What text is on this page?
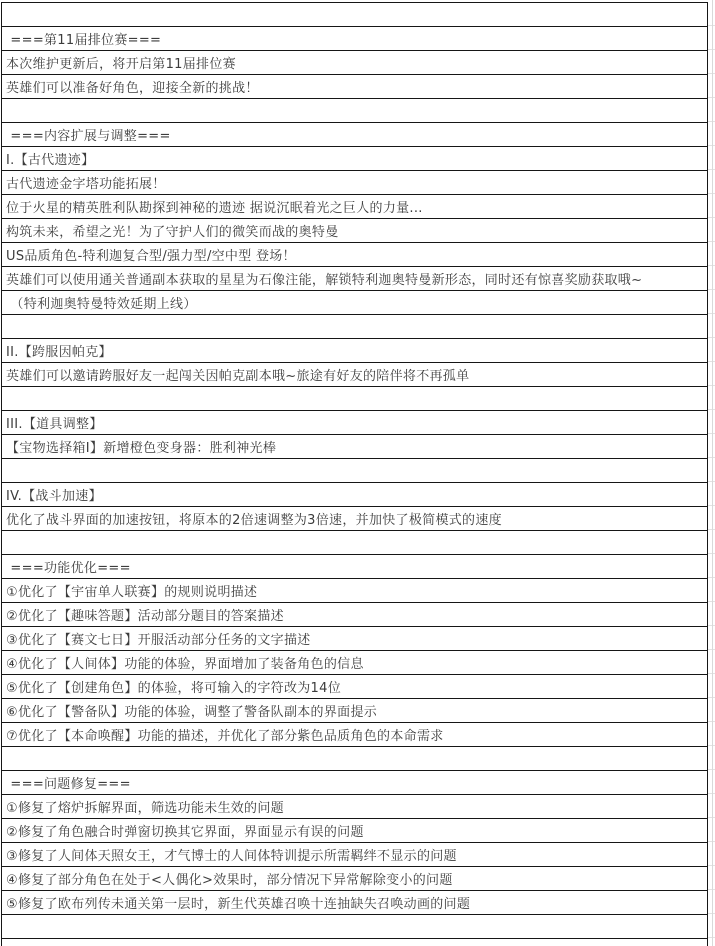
===第11届排位赛===
本次维护更新后，将开启第11届排位赛
英雄们可以准备好角色，迎接全新的挑战！
===内容扩展与调整===
I.【古代遗迹】
古代遗迹金字塔功能拓展！
位于火星的精英胜利队勘探到神秘的遗迹 据说沉眠着光之巨人的力量...
构筑未来，希望之光！为了守护人们的微笑而战的奥特曼
US品质角色-特利迦复合型/强力型/空中型 登场！
英雄们可以使用通关普通副本获取的星星为石像注能，解锁特利迦奥特曼新形态，同时还有惊喜奖励获取哦~
（特利迦奥特曼特效延期上线）
II.【跨服因帕克】
英雄们可以邀请跨服好友一起闯关因帕克副本哦~旅途有好友的陪伴将不再孤单
III.【道具调整】
【宝物选择箱I】新增橙色变身器：胜利神光棒
IV.【战斗加速】
优化了战斗界面的加速按钮，将原本的2倍速调整为3倍速，并加快了极简模式的速度
===功能优化===
①优化了【宇宙单人联赛】的规则说明描述
②优化了【趣味答题】活动部分题目的答案描述
③优化了【赛文七日】开服活动部分任务的文字描述
④优化了【人间体】功能的体验，界面增加了装备角色的信息
⑤优化了【创建角色】的体验，将可输入的字符改为14位
⑥优化了【警备队】功能的体验，调整了警备队副本的界面提示
⑦优化了【本命唤醒】功能的描述，并优化了部分紫色品质角色的本命需求
===问题修复===
①修复了熔炉拆解界面，筛选功能未生效的问题
②修复了角色融合时弹窗切换其它界面，界面显示有误的问题
③修复了人间体天照女王，才气博士的人间体特训提示所需羁绊不显示的问题
④修复了部分角色在处于<人偶化>效果时，部分情况下异常解除变小的问题
⑤修复了欧布列传未通关第一层时，新生代英雄召唤十连抽缺失召唤动画的问题
